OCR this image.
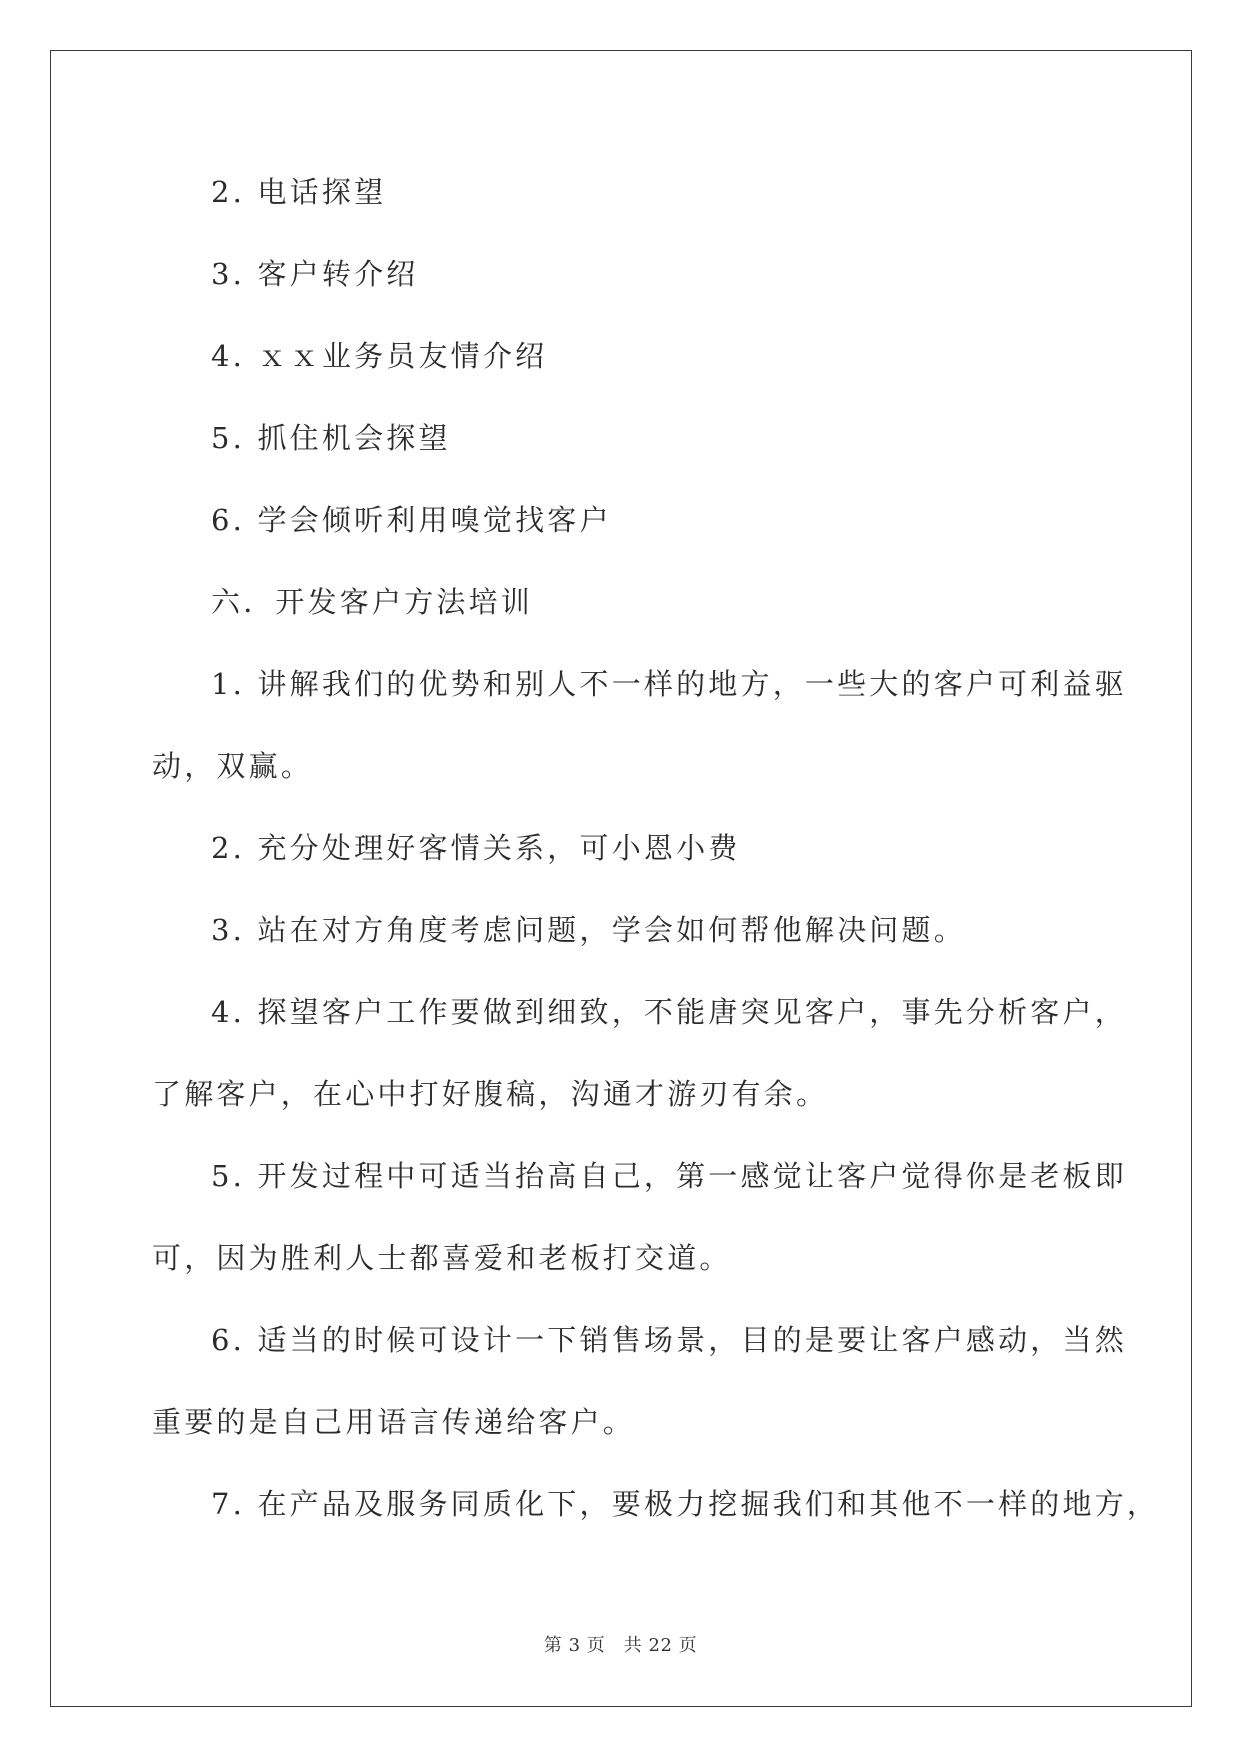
2. 电话探望
3. 客户转介绍
4. ｘｘ业务员友情介绍
5. 抓住机会探望
6. 学会倾听利用嗅觉找客户
六．开发客户方法培训
1. 讲解我们的优势和别人不一样的地方，一些大的客户可利益驱
动，双赢。
2. 充分处理好客情关系，可小恩小费
3. 站在对方角度考虑问题，学会如何帮他解决问题。
4. 探望客户工作要做到细致，不能唐突见客户，事先分析客户，
了解客户，在心中打好腹稿，沟通才游刃有余。
5. 开发过程中可适当抬高自己，第一感觉让客户觉得你是老板即
可，因为胜利人士都喜爱和老板打交道。
6. 适当的时候可设计一下销售场景，目的是要让客户感动，当然
重要的是自己用语言传递给客户。
7. 在产品及服务同质化下，要极力挖掘我们和其他不一样的地方，
第 3 页　共 22 页
